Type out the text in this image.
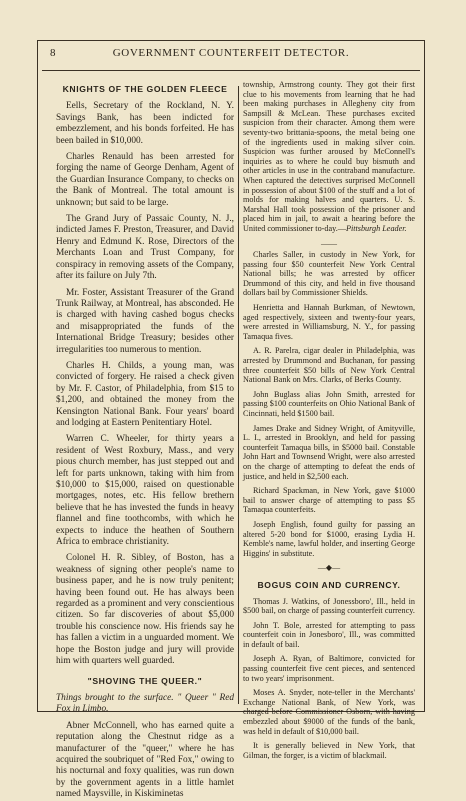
8	GOVERNMENT COUNTERFEIT DETECTOR.
KNIGHTS OF THE GOLDEN FLEECE

Eells, Secretary of the Rockland, N. Y. Savings Bank, has been indicted for embezzlement, and his bonds forfeited. He has been bailed in $10,000.

Charles Renauld has been arrested for forging the name of George Denham, Agent of the Guardian Insurance Company, to checks on the Bank of Montreal. The total amount is unknown; but said to be large.

The Grand Jury of Passaic County, N. J., indicted James F. Preston, Treasurer, and David Henry and Edmund K. Rose, Directors of the Merchants Loan and Trust Company, for conspiracy in removing assets of the Company, after its failure on July 7th.

Mr. Foster, Assistant Treasurer of the Grand Trunk Railway, at Montreal, has absconded. He is charged with having cashed bogus checks and misappropriated the funds of the International Bridge Treasury; besides other irregularities too numerous to mention.

Charles H. Childs, a young man, was convicted of forgery. He raised a check given by Mr. F. Castor, of Philadelphia, from $15 to $1,200, and obtained the money from the Kensington National Bank. Four years' board and lodging at Eastern Penitentiary Hotel.

Warren C. Wheeler, for thirty years a resident of West Roxbury, Mass., and very pious church member, has just stepped out and left for parts unknown, taking with him from $10,000 to $15,000, raised on questionable mortgages, notes, etc. His fellow brethern believe that he has invested the funds in heavy flannel and fine toothcombs, with which he expects to induce the heathen of Southern Africa to embrace christianity.

Colonel H. R. Sibley, of Boston, has a weakness of signing other people's name to business paper, and he is now truly penitent; having been found out. He has always been regarded as a prominent and very conscientious citizen. So far discoveries of about $5,000 trouble his conscience now. His friends say he has fallen a victim in a unguarded moment. We hope the Boston judge and jury will provide him with quarters well guarded.

"SHOVING THE QUEER."

Things brought to the surface. " Queer " Red Fox in Limbo.

Abner McConnell, who has earned quite a reputation along the Chestnut ridge as a manufacturer of the "queer," where he has acquired the soubriquet of "Red Fox," owing to his nocturnal and foxy qualities, was run down by the government agents in a little hamlet named Maysville, in Kiskiminetas

township, Armstrong county. They got their first clue to his movements from learning that he had been making purchases in Allegheny city from Sampsill & McLean. These purchases excited suspicion from their character. Among them were seventy-two brittania-spoons, the metal being one of the ingredients used in making silver coin. Suspicion was further aroused by McConnell's inquiries as to where he could buy bismuth and other articles in use in the contraband manufacture. When captured the detectives surprised McConnell in possession of about $100 of the stuff and a lot of molds for making halves and quarters. U. S. Marshal Hall took possession of the prisoner and placed him in jail, to await a hearing before the United commissioner to-day.—Pittsburgh Leader.

——

Charles Saller, in custody in New York, for passing four $50 counterfeit New York Central National bills; he was arrested by officer Drummond of this city, and held in five thousand dollars bail by Commissioner Shields.

Henrietta and Hannah Burkman, of Newtown, aged respectively, sixteen and twenty-four years, were arrested in Williamsburg, N. Y., for passing Tamaqua fives.

A. R. Parelra, cigar dealer in Philadelphia, was arrested by Drummond and Buchanan, for passing three counterfeit $50 bills of New York Central National Bank on Mrs. Clarks, of Berks County.

John Buglass alias John Smith, arrested for passing $100 counterfeits on Ohio National Bank of Cincinnati, held $1500 bail.

James Drake and Sidney Wright, of Amityville, L. I., arrested in Brooklyn, and held for passing counterfeit Tamaqua bills, in $5000 bail. Constable John Hart and Townsend Wright, were also arrested on the charge of attempting to defeat the ends of justice, and held in $2,500 each.

Richard Spackman, in New York, gave $1000 bail to answer charge of attempting to pass $5 Tamaqua counterfeits.

Joseph English, found guilty for passing an altered 5-20 bond for $1000, erasing Lydia H. Kemble's name, lawful holder, and inserting George Higgins' in substitute.

—◆—
BOGUS COIN AND CURRENCY.

Thomas J. Watkins, of Jonessboro', Ill., held in $500 bail, on charge of passing counterfeit currency.

John T. Bole, arrested for attempting to pass counterfeit coin in Jonesboro', Ill., was committed in default of bail.

Joseph A. Ryan, of Baltimore, convicted for passing counterfeit five cent pieces, and sentenced to two years' imprisonment.

Moses A. Snyder, note-teller in the Merchants' Exchange National Bank, of New York, was charged before Commissioner Osborn, with having embezzled about $9000 of the funds of the bank, was held in default of $10,000 bail.

It is generally believed in New York, that Gilman, the forger, is a victim of blackmail.
